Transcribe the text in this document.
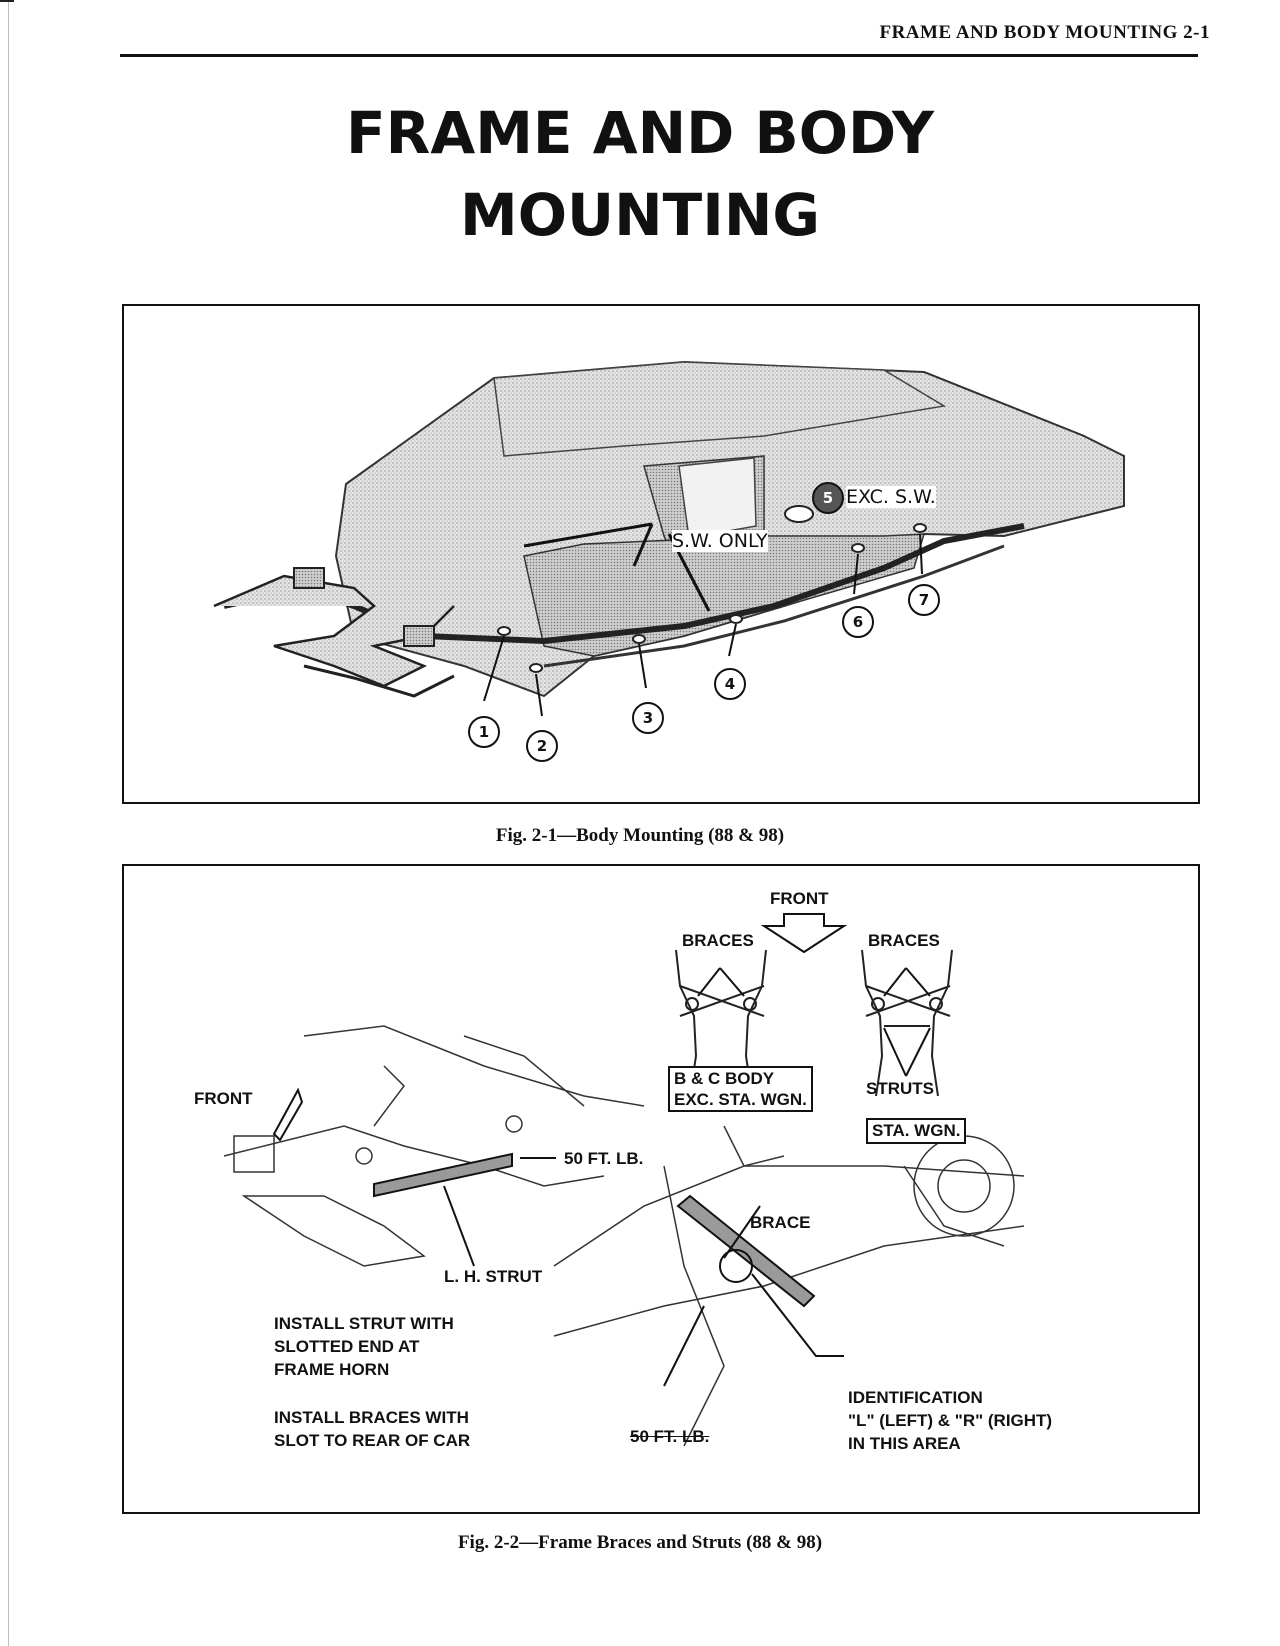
FRAME AND BODY MOUNTING 2-1
FRAME AND BODY
MOUNTING
1
2
3
4
5
6
7
EXC. S.W.
S.W. ONLY
Fig. 2-1—Body Mounting (88 & 98)
FRONT
BRACES	BRACES
STRUTS
B & C BODY
EXC. STA. WGN.
STA. WGN.
FRONT
50 FT. LB.
L. H. STRUT
BRACE
50 FT. LB.
INSTALL STRUT WITH
SLOTTED END AT
FRAME HORN
INSTALL BRACES WITH
SLOT TO REAR OF CAR
IDENTIFICATION
"L" (LEFT) & "R" (RIGHT)
IN THIS AREA
Fig. 2-2—Frame Braces and Struts (88 & 98)
